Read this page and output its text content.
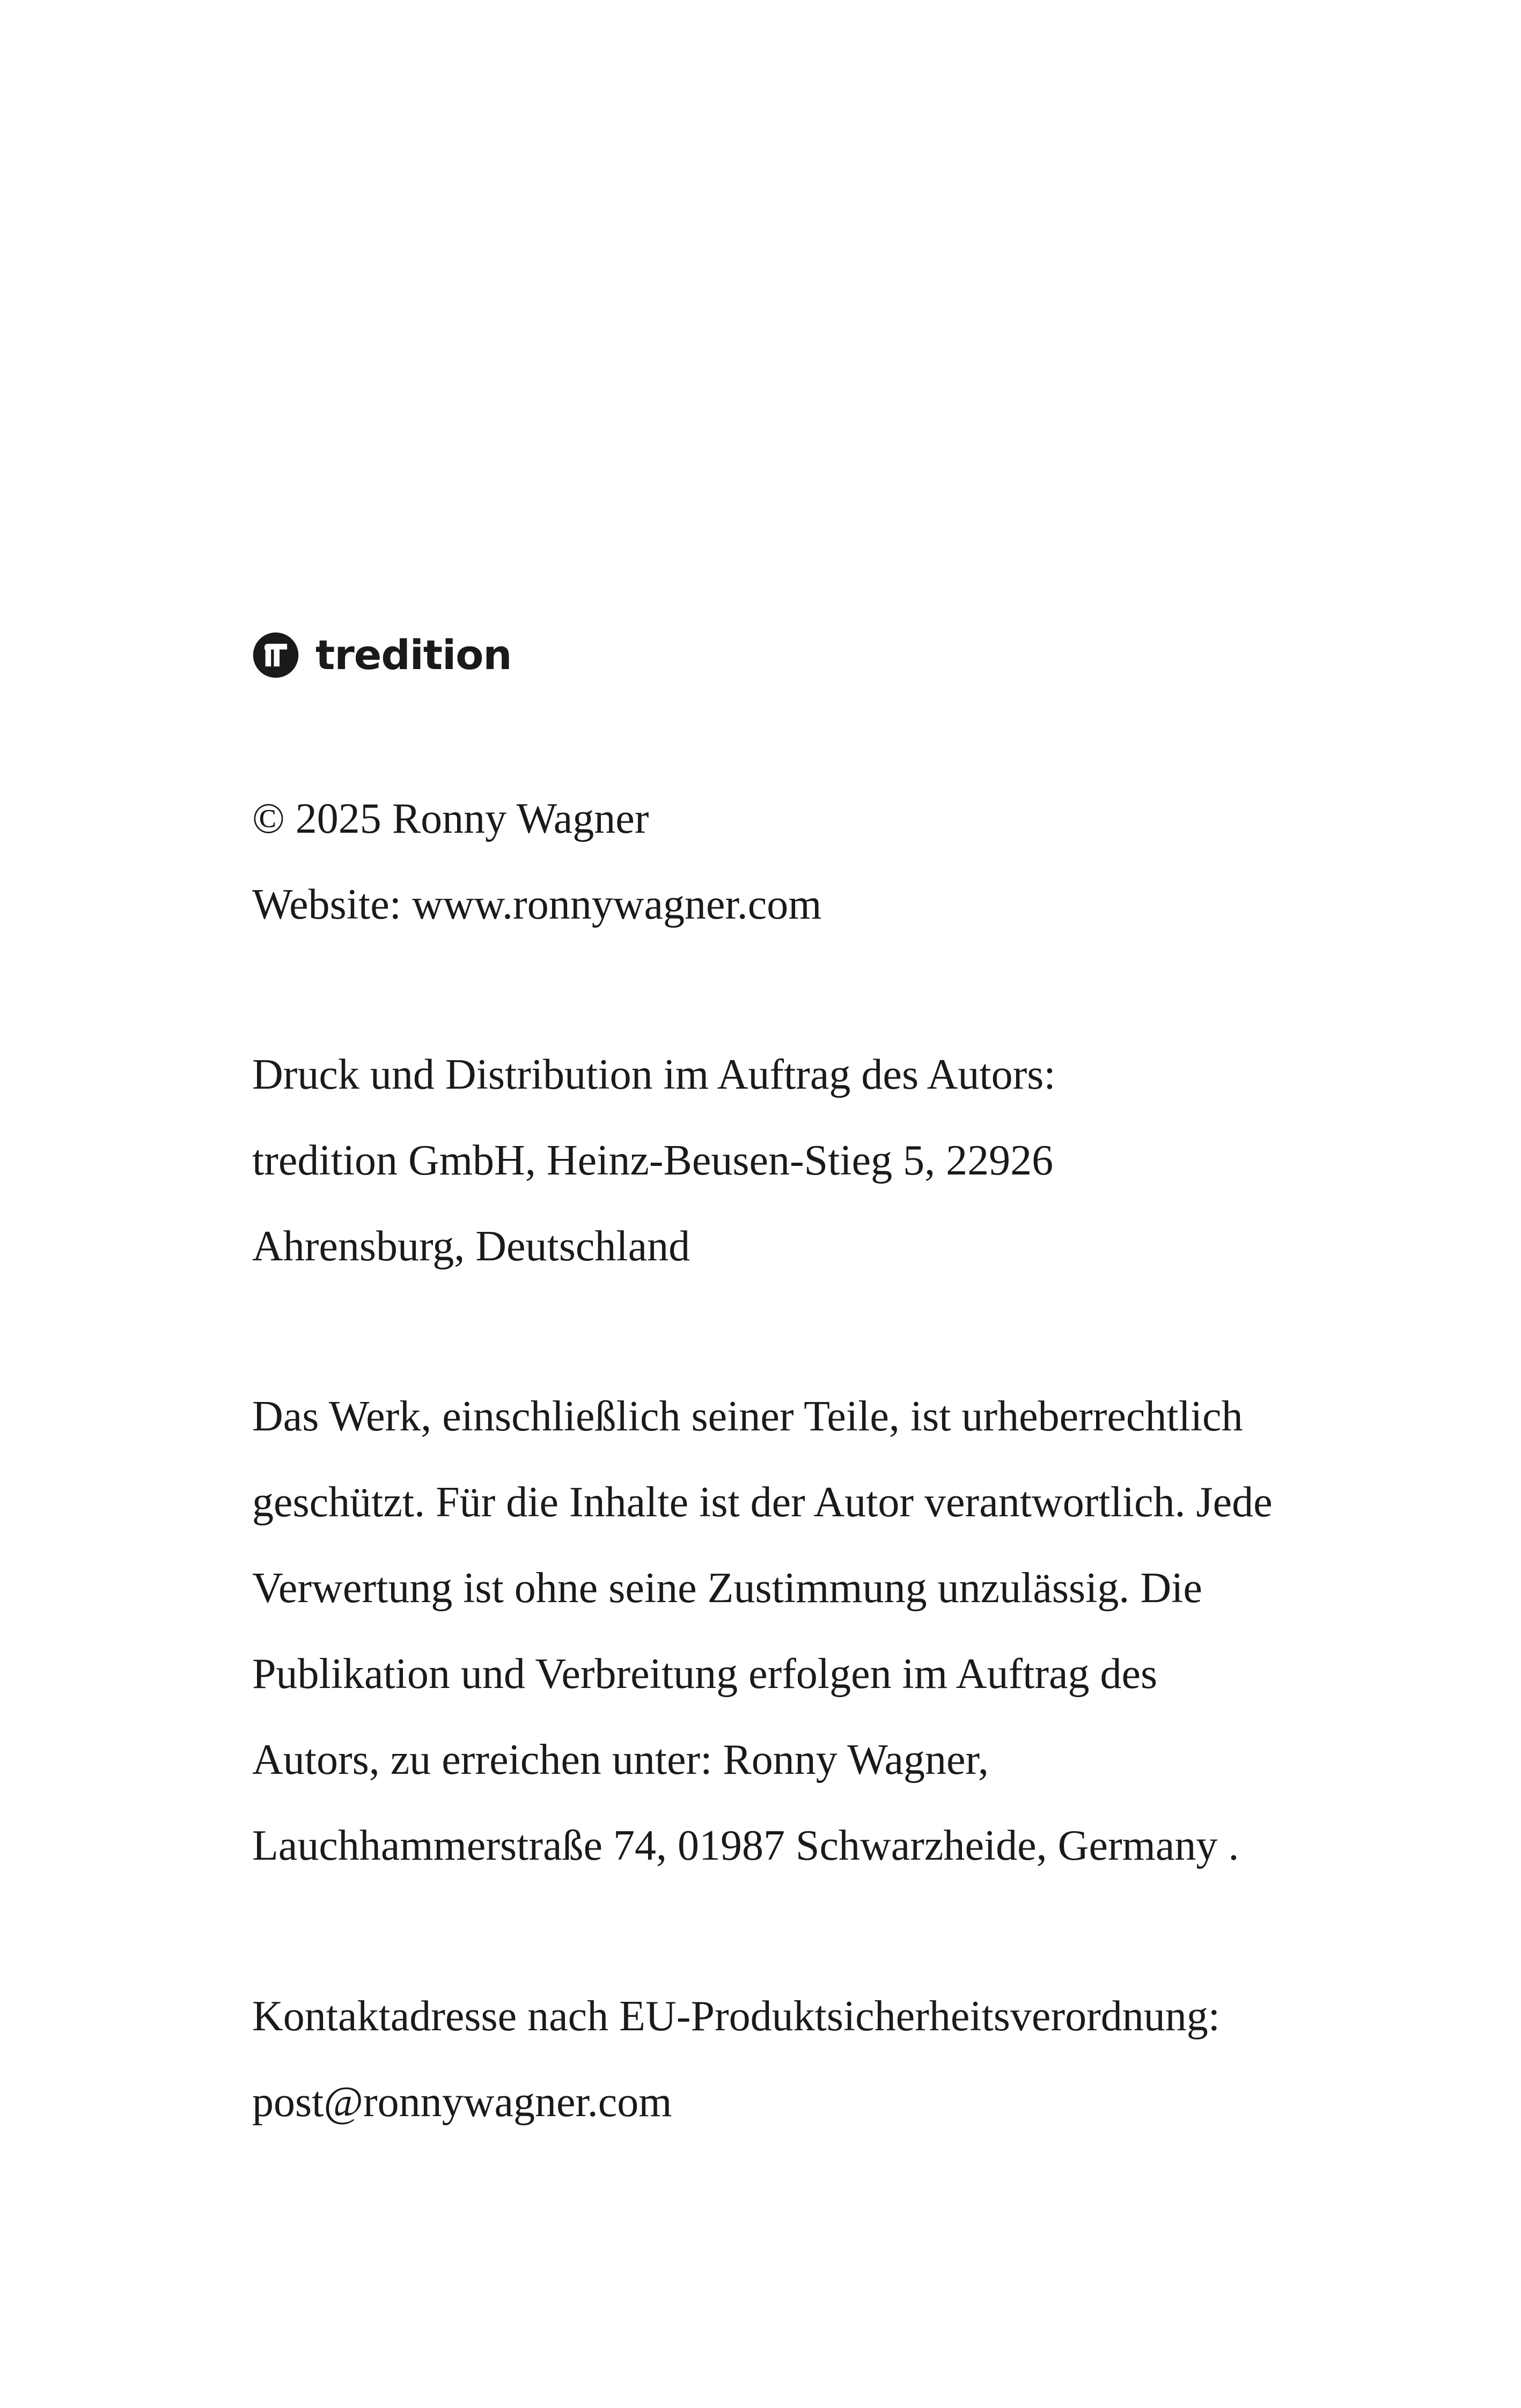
tredition
© 2025 Ronny Wagner
Website: www.ronnywagner.com
Druck und Distribution im Auftrag des Autors:
tredition GmbH, Heinz-Beusen-Stieg 5, 22926
Ahrensburg, Deutschland
Das Werk, einschließlich seiner Teile, ist urheberrechtlich
geschützt. Für die Inhalte ist der Autor verantwortlich. Jede
Verwertung ist ohne seine Zustimmung unzulässig. Die
Publikation und Verbreitung erfolgen im Auftrag des
Autors, zu erreichen unter: Ronny Wagner,
Lauchhammerstraße 74, 01987 Schwarzheide, Germany .
Kontaktadresse nach EU-Produktsicherheitsverordnung:
post@ronnywagner.com
